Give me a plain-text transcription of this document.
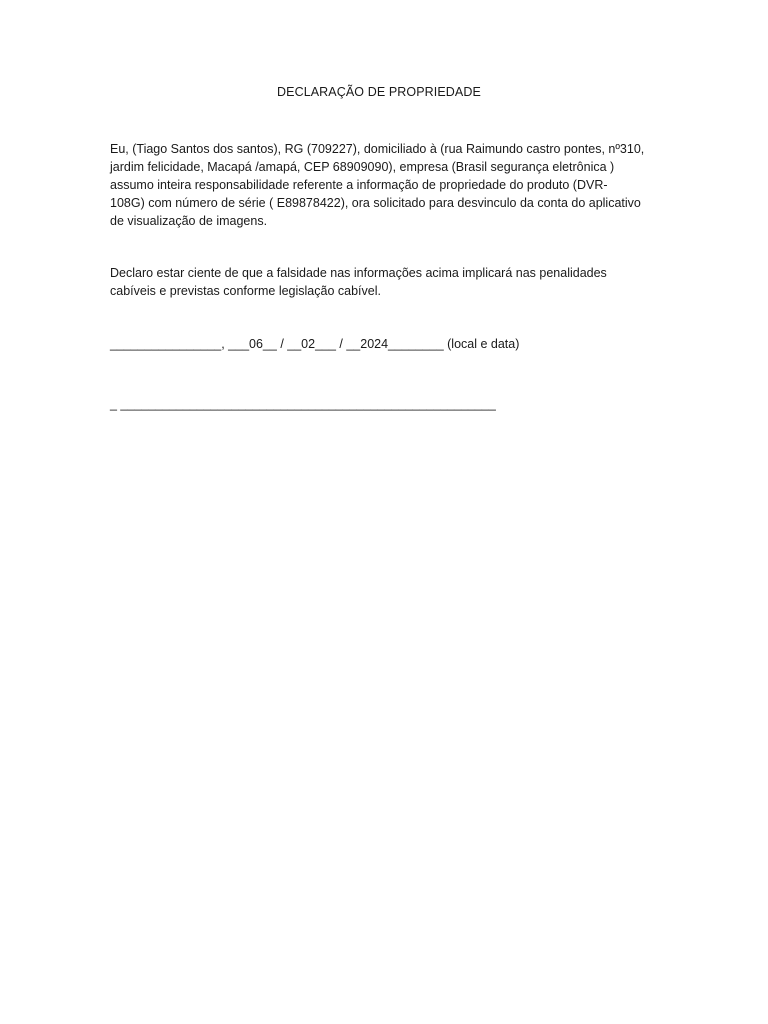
DECLARAÇÃO DE PROPRIEDADE
Eu, (Tiago Santos dos santos), RG (709227), domiciliado à (rua Raimundo castro pontes, nº310,
jardim felicidade, Macapá /amapá, CEP 68909090), empresa (Brasil segurança eletrônica )
assumo inteira responsabilidade referente a informação de propriedade do produto (DVR-
108G) com número de série ( E89878422), ora solicitado para desvinculo da conta do aplicativo
de visualização de imagens.
Declaro estar ciente de que a falsidade nas informações acima implicará nas penalidades
cabíveis e previstas conforme legislação cabível.
________________, ___06__ / __02___ / __2024________ (local e data)
_ ______________________________________________________
